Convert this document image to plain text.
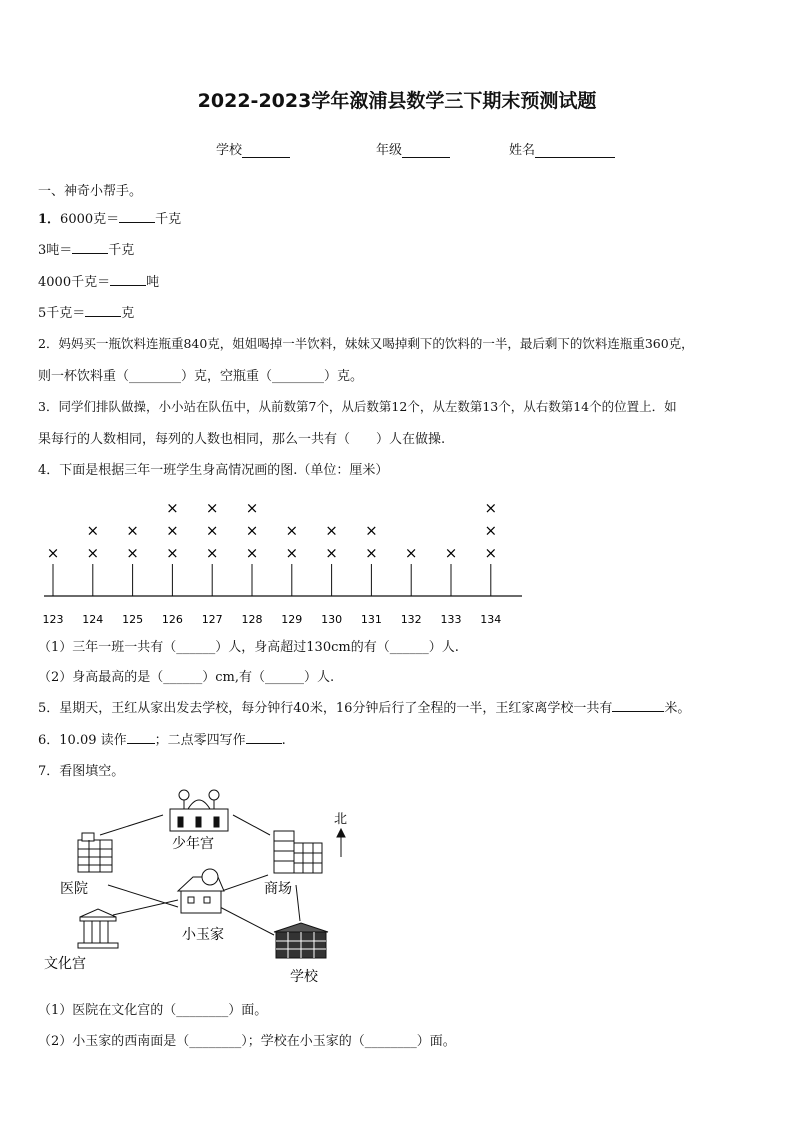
2022-2023学年溆浦县数学三下期末预测试题
学校	年级	姓名
一、神奇小帮手。
1．6000克＝	千克
3吨＝	千克
4000千克＝	吨
5千克＝	克
2．妈妈买一瓶饮料连瓶重840克，姐姐喝掉一半饮料，妹妹又喝掉剩下的饮料的一半，最后剩下的饮料连瓶重360克，
则一杯饮料重（________）克，空瓶重（________）克。
3．同学们排队做操，小小站在队伍中，从前数第7个，从后数第12个，从左数第13个，从右数第14个的位置上．如
果每行的人数相同，每列的人数也相同，那么一共有（　　）人在做操.
4．下面是根据三年一班学生身高情况画的图.（单位：厘米）
123
×
124
×
×
125
×
×
126
×
×
×
127
×
×
×
128
×
×
×
129
×
×
130
×
×
131
×
×
132
×
133
×
134
×
×
×
（1）三年一班一共有（______）人，身高超过130cm的有（______）人.
（2）身高最高的是（______）cm,有（______）人.
5．星期天，王红从家出发去学校，每分钟行40米，16分钟后行了全程的一半，王红家离学校一共有	米。
6．10.09 读作 ；二点零四写作	.
7．看图填空。
少年宫
医院	商场
小玉家
文化宫
学校
北
（1）医院在文化宫的（________）面。
（2）小玉家的西南面是（________）；学校在小玉家的（________）面。
